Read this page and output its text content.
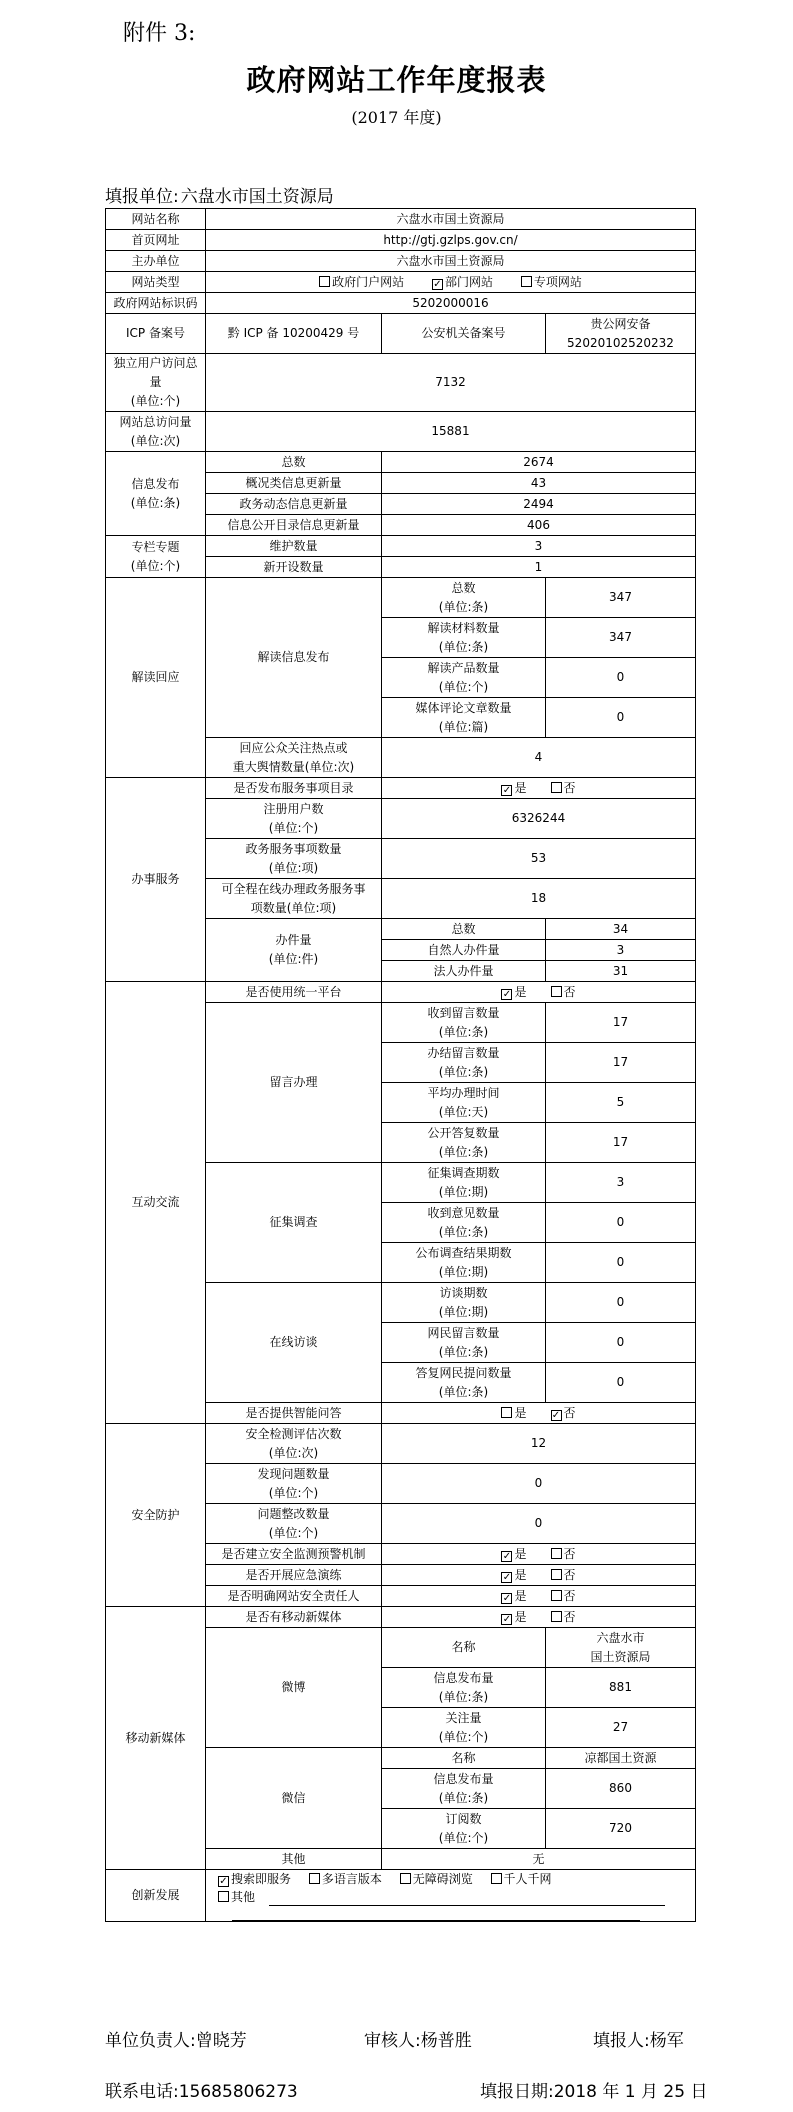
附件 3:
政府网站工作年度报表
(2017 年度)
填报单位: 六盘水市国土资源局
网站名称	六盘水市国土资源局		
首页网址	http://gtj.gzlps.gov.cn/		
主办单位	六盘水市国土资源局		
网站类型	政府门户网站 ✓ 部门网站 专项网站		
政府网站标识码	5202000016		
ICP 备案号	黔 ICP 备 10200429 号	公安机关备案号	贵公网安备
52020102520232

独立用户访问总量
(单位:个)	7132		

网站总访问量
(单位:次)	15881		

信息发布
(单位:条)	总数	2674	
	概况类信息更新量	43	
	政务动态信息更新量	2494	
	信息公开目录信息更新量	406	

专栏专题
(单位:个)	维护数量	3	
	新开设数量	1	
解读回应	解读信息发布	总数
(单位:条)	347

		解读材料数量
(单位:条)	347

		解读产品数量
(单位:个)	0

		媒体评论文章数量
(单位:篇)	0

	回应公众关注热点或
重大舆情数量(单位:次)	4	
办事服务	是否发布服务事项目录	✓ 是 否	

	注册用户数
(单位:个)	6326244	

	政务服务事项数量
(单位:项)	53	

	可全程在线办理政务服务事
项数量(单位:项)	18	

	办件量
(单位:件)	总数	34
		自然人办件量	3
		法人办件量	31
互动交流	是否使用统一平台	✓ 是 否	
	留言办理	收到留言数量
(单位:条)	17

		办结留言数量
(单位:条)	17

		平均办理时间
(单位:天)	5

		公开答复数量
(单位:条)	17
	征集调查	征集调查期数
(单位:期)	3

		收到意见数量
(单位:条)	0

		公布调查结果期数
(单位:期)	0
	在线访谈	访谈期数
(单位:期)	0

		网民留言数量
(单位:条)	0

		答复网民提问数量
(单位:条)	0
	是否提供智能问答	是 ✓ 否	
安全防护	安全检测评估次数
(单位:次)	12	

	发现问题数量
(单位:个)	0	

	问题整改数量
(单位:个)	0	
	是否建立安全监测预警机制	✓ 是 否	
	是否开展应急演练	✓ 是 否	
	是否明确网站安全责任人	✓ 是 否	
移动新媒体	是否有移动新媒体	✓ 是 否	
	微博	名称	六盘水市
国土资源局

		信息发布量
(单位:条)	881

		关注量
(单位:个)	27
	微信	名称	凉都国土资源

		信息发布量
(单位:条)	860

		订阅数
(单位:个)	720
	其他	无	
创新发展	✓ 搜索即服务 多语言版本 无障碍浏览 千人千网
其他		
单位负责人:曾晓芳	审核人:杨普胜	填报人:杨军
联系电话:15685806273	填报日期:2018 年 1 月 25 日
